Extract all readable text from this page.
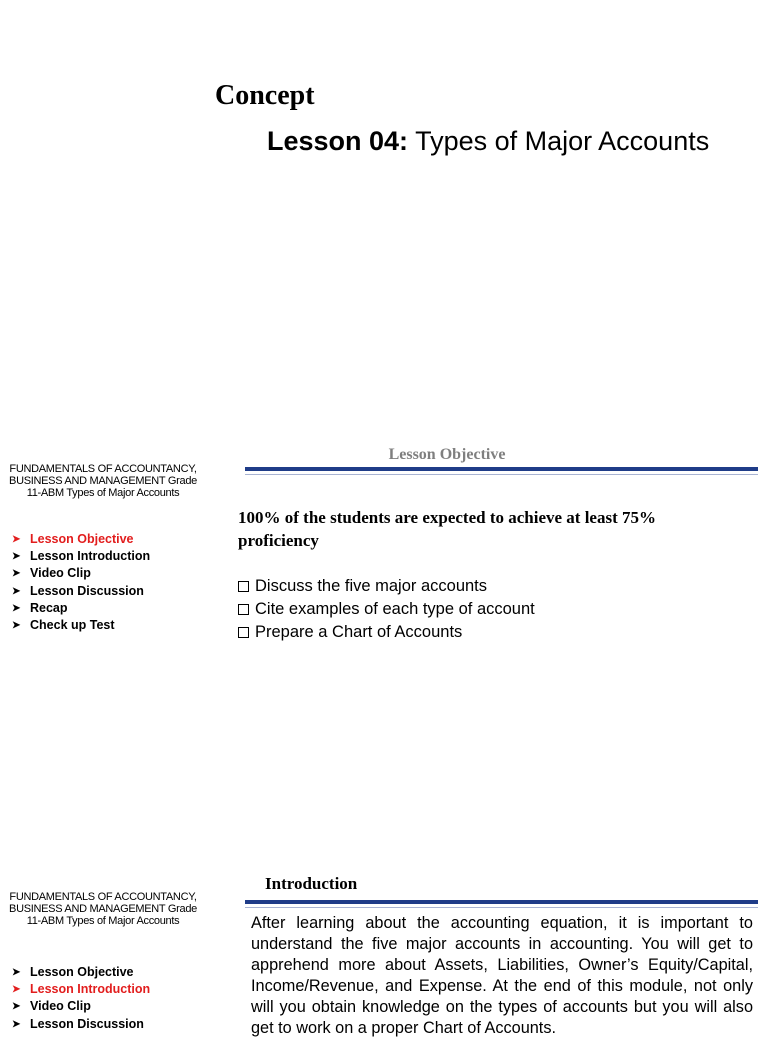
Concept
Lesson 04: Types of Major Accounts
FUNDAMENTALS OF ACCOUNTANCY, BUSINESS AND MANAGEMENT Grade 11-ABM Types of Major Accounts
➤ Lesson Objective
➤ Lesson Introduction
➤ Video Clip
➤ Lesson Discussion
➤ Recap
➤ Check up Test
Lesson Objective
100% of the students are expected to achieve at least 75% proficiency
Discuss the five major accounts
Cite examples of each type of account
Prepare a Chart of Accounts
FUNDAMENTALS OF ACCOUNTANCY, BUSINESS AND MANAGEMENT Grade 11-ABM Types of Major Accounts
➤ Lesson Objective
➤ Lesson Introduction
➤ Video Clip
➤ Lesson Discussion
Introduction
After learning about the accounting equation, it is important to understand the five major accounts in accounting. You will get to apprehend more about Assets, Liabilities, Owner’s Equity/Capital, Income/Revenue, and Expense. At the end of this module, not only will you obtain knowledge on the types of accounts but you will also get to work on a proper Chart of Accounts.
